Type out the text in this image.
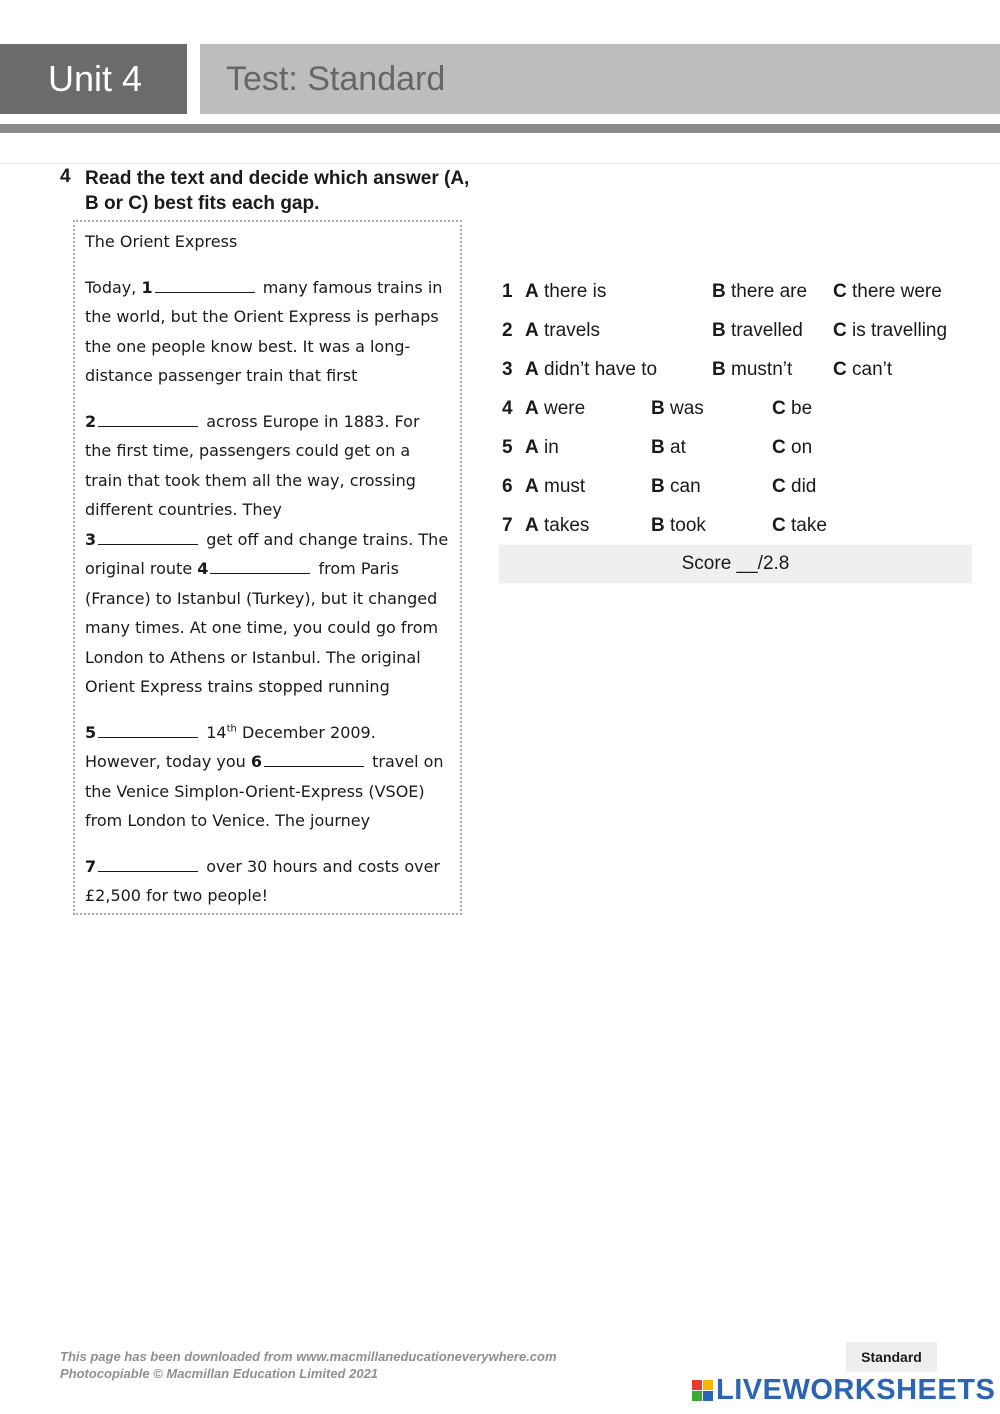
Unit 4	Test: Standard
4 Read the text and decide which answer (A, B or C) best fits each gap.

The Orient Express

Today, 1	many famous trains in the world, but the Orient Express is perhaps the one people know best. It was a long-distance passenger train that first

2	across Europe in 1883. For the first time, passengers could get on a train that took them all the way, crossing different countries. They

3	get off and change trains. The original route 4	from Paris (France) to Istanbul (Turkey), but it changed many times. At one time, you could go from London to Athens or Istanbul. The original Orient Express trains stopped running

5	14th December 2009. However, today you 6	travel on the Venice Simplon-Orient-Express (VSOE) from London to Venice. The journey

7	over 30 hours and costs over £2,500 for two people!

1 A there is	B there are C there were
2 A travels	B travelled C is travelling
3 A didn’t have to	B mustn’t C can’t
4 A were	B was	C be
5 A in	B at	C on
6 A must	B can	C did
7 A takes	B took	C take
Score __/2.8
This page has been downloaded from www.macmillaneducationeverywhere.com
Photocopiable © Macmillan Education Limited 2021
Standard
LIVEWORKSHEETS
